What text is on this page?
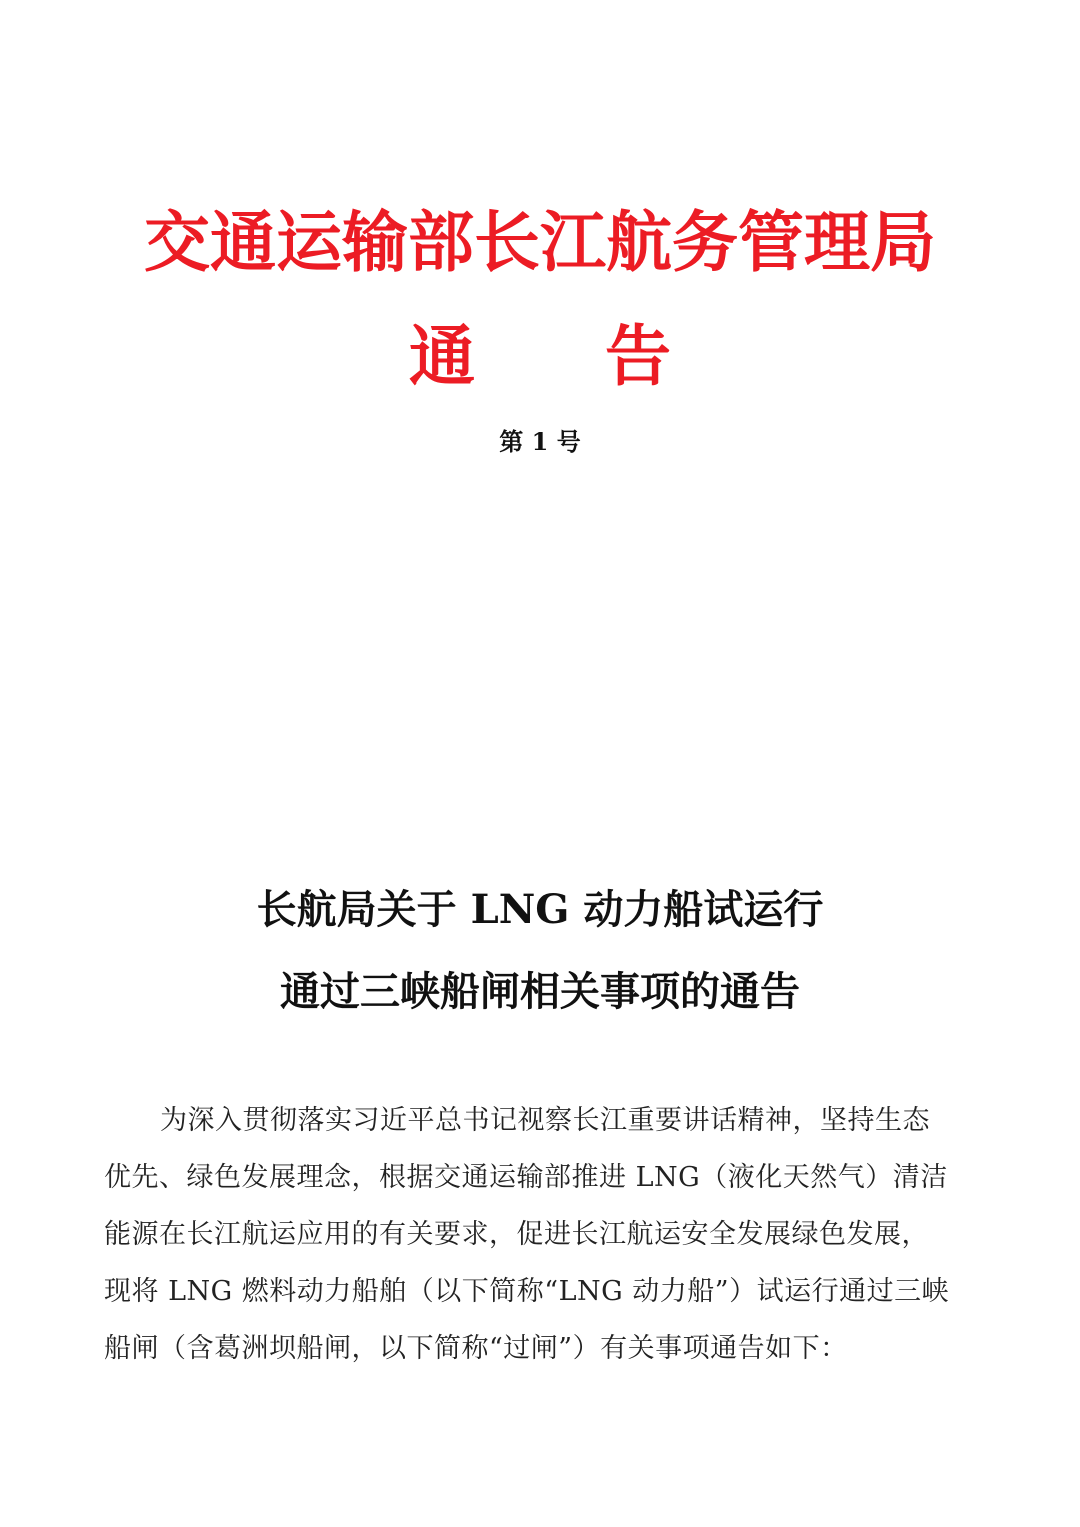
交通运输部长江航务管理局
通 告
第 1 号
长航局关于 LNG 动力船试运行
通过三峡船闸相关事项的通告
为深入贯彻落实习近平总书记视察长江重要讲话精神，坚持生态
优先、绿色发展理念，根据交通运输部推进 LNG（液化天然气）清洁
能源在长江航运应用的有关要求，促进长江航运安全发展绿色发展，
现将 LNG 燃料动力船舶（以下简称“LNG 动力船”）试运行通过三峡
船闸（含葛洲坝船闸，以下简称“过闸”）有关事项通告如下：
